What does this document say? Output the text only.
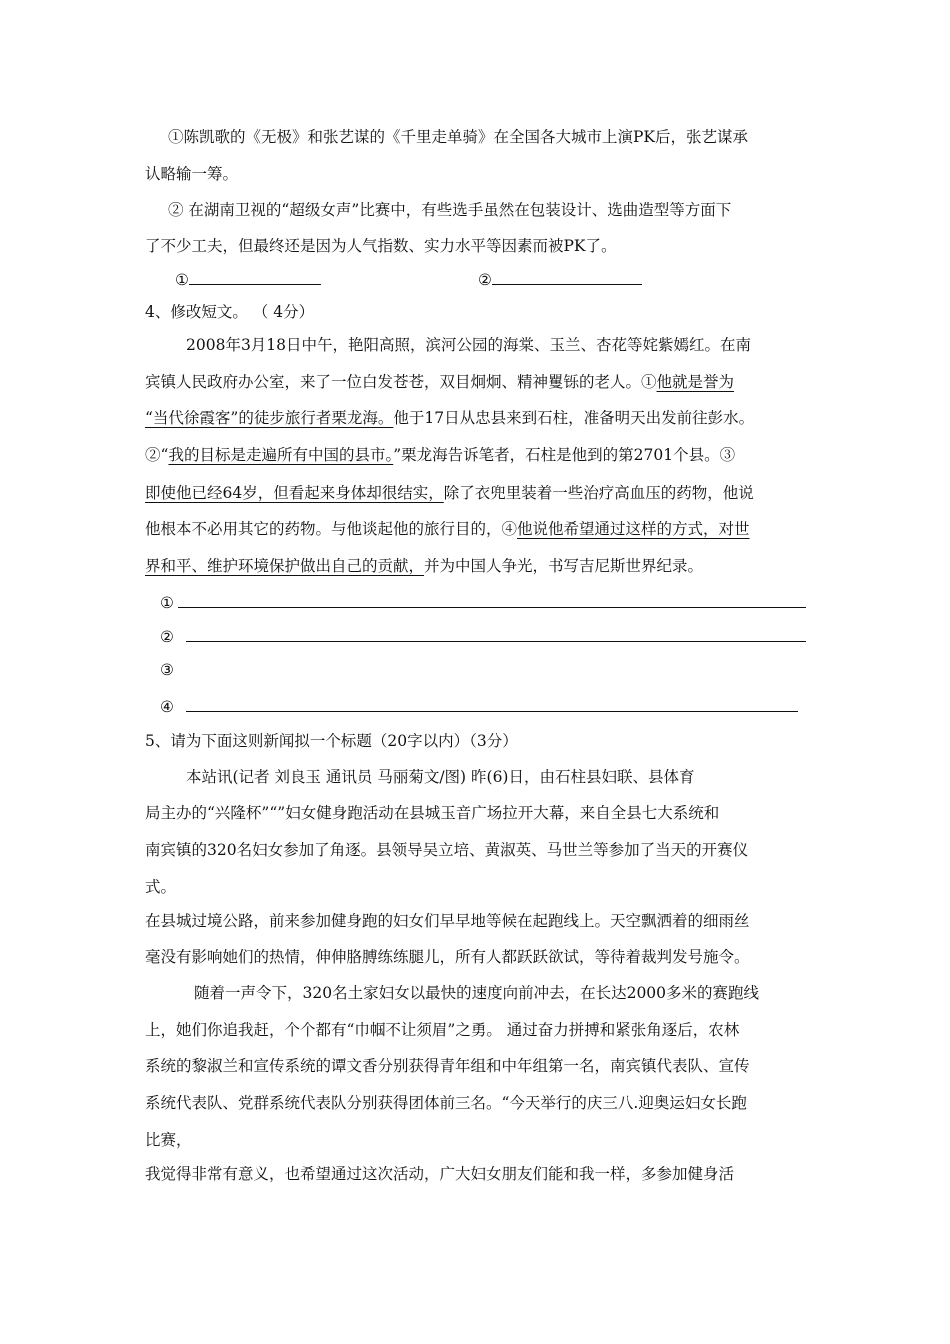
①陈凯歌的《无极》和张艺谋的《千里走单骑》在全国各大城市上演PK后，张艺谋承
认略输一筹。
② 在湖南卫视的“超级女声”比赛中，有些选手虽然在包装设计、选曲造型等方面下
了不少工夫，但最终还是因为人气指数、实力水平等因素而被PK了。
①	②
4、修改短文。 （ 4分）
2008年3月18日中午，艳阳高照，滨河公园的海棠、玉兰、杏花等姹紫嫣红。在南
宾镇人民政府办公室，来了一位白发苍苍，双目炯炯、精神矍铄的老人。①他就是誉为
“当代徐霞客”的徒步旅行者栗龙海。他于17日从忠县来到石柱，准备明天出发前往彭水。
②“我的目标是走遍所有中国的县市。”栗龙海告诉笔者，石柱是他到的第2701个县。③
即使他已经64岁，但看起来身体却很结实，除了衣兜里装着一些治疗高血压的药物，他说
他根本不必用其它的药物。与他谈起他的旅行目的，④他说他希望通过这样的方式，对世
界和平、维护环境保护做出自己的贡献，并为中国人争光，书写吉尼斯世界纪录。
①
②
③
④
5、请为下面这则新闻拟一个标题（20字以内）（3分）
本站讯(记者 刘良玉 通讯员 马丽菊文/图) 昨(6)日，由石柱县妇联、县体育
局主办的“兴隆杯”“”妇女健身跑活动在县城玉音广场拉开大幕，来自全县七大系统和
南宾镇的320名妇女参加了角逐。县领导吴立培、黄淑英、马世兰等参加了当天的开赛仪
式。
在县城过境公路，前来参加健身跑的妇女们早早地等候在起跑线上。天空飘洒着的细雨丝
毫没有影响她们的热情，伸伸胳膊练练腿儿，所有人都跃跃欲试，等待着裁判发号施令。
随着一声令下，320名土家妇女以最快的速度向前冲去，在长达2000多米的赛跑线
上，她们你追我赶，个个都有“巾帼不让须眉”之勇。 通过奋力拼搏和紧张角逐后，农林
系统的黎淑兰和宣传系统的谭文香分别获得青年组和中年组第一名，南宾镇代表队、宣传
系统代表队、党群系统代表队分别获得团体前三名。“今天举行的庆三八.迎奥运妇女长跑
比赛，
我觉得非常有意义，也希望通过这次活动，广大妇女朋友们能和我一样，多参加健身活
